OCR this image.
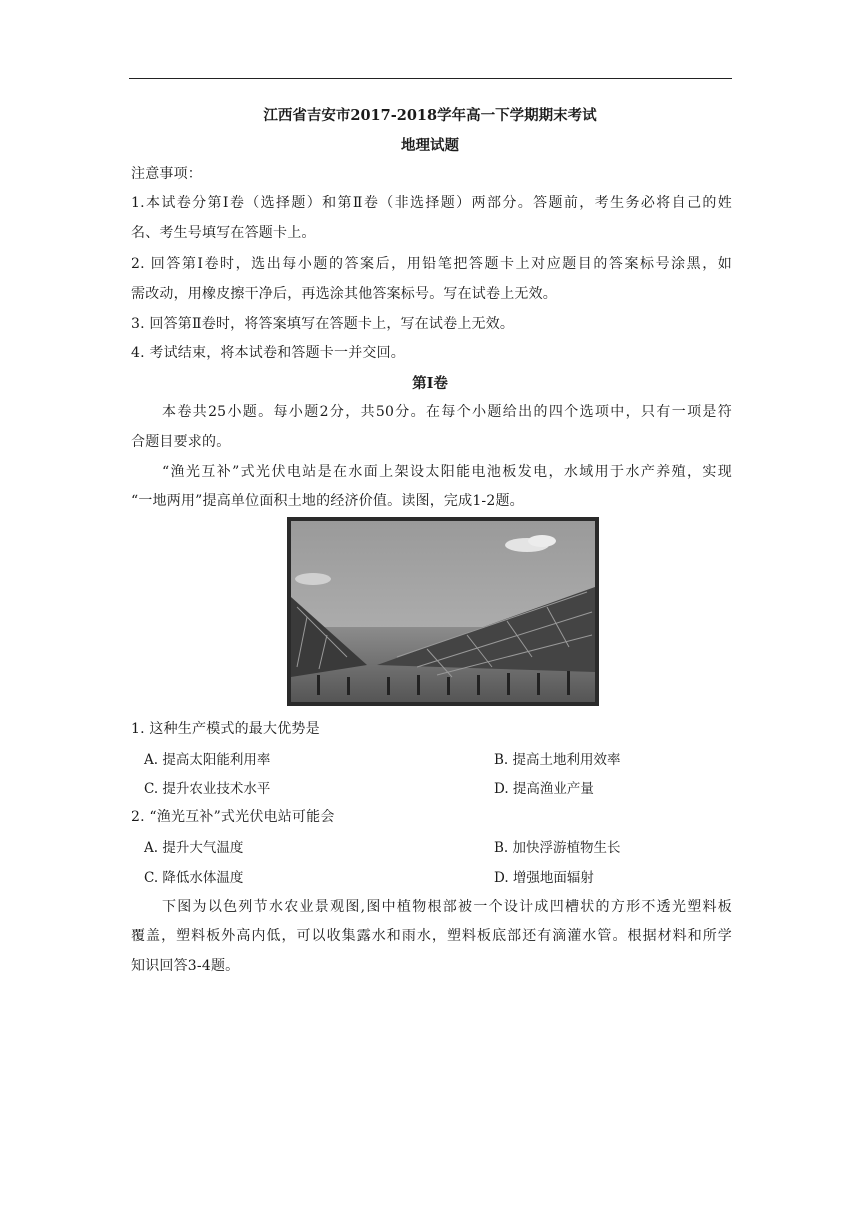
江西省吉安市2017-2018学年高一下学期期末考试
地理试题
注意事项：
1.本试卷分第Ⅰ卷（选择题）和第Ⅱ卷（非选择题）两部分。答题前，考生务必将自己的姓
名、考生号填写在答题卡上。
2. 回答第Ⅰ卷时，选出每小题的答案后，用铅笔把答题卡上对应题目的答案标号涂黑，如
需改动，用橡皮擦干净后，再选涂其他答案标号。写在试卷上无效。
3. 回答第Ⅱ卷时，将答案填写在答题卡上，写在试卷上无效。
4. 考试结束，将本试卷和答题卡一并交回。
第Ⅰ卷
本卷共25小题。每小题2分，共50分。在每个小题给出的四个选项中，只有一项是符
合题目要求的。
“渔光互补”式光伏电站是在水面上架设太阳能电池板发电，水域用于水产养殖，实现
“一地两用”提高单位面积土地的经济价值。读图，完成1-2题。
1. 这种生产模式的最大优势是
A. 提高太阳能利用率	B. 提高土地利用效率
C. 提升农业技术水平	D. 提高渔业产量
2. “渔光互补”式光伏电站可能会
A. 提升大气温度	B. 加快浮游植物生长
C. 降低水体温度	D. 增强地面辐射
下图为以色列节水农业景观图,图中植物根部被一个设计成凹槽状的方形不透光塑料板
覆盖，塑料板外高内低，可以收集露水和雨水，塑料板底部还有滴灌水管。根据材料和所学
知识回答3-4题。
